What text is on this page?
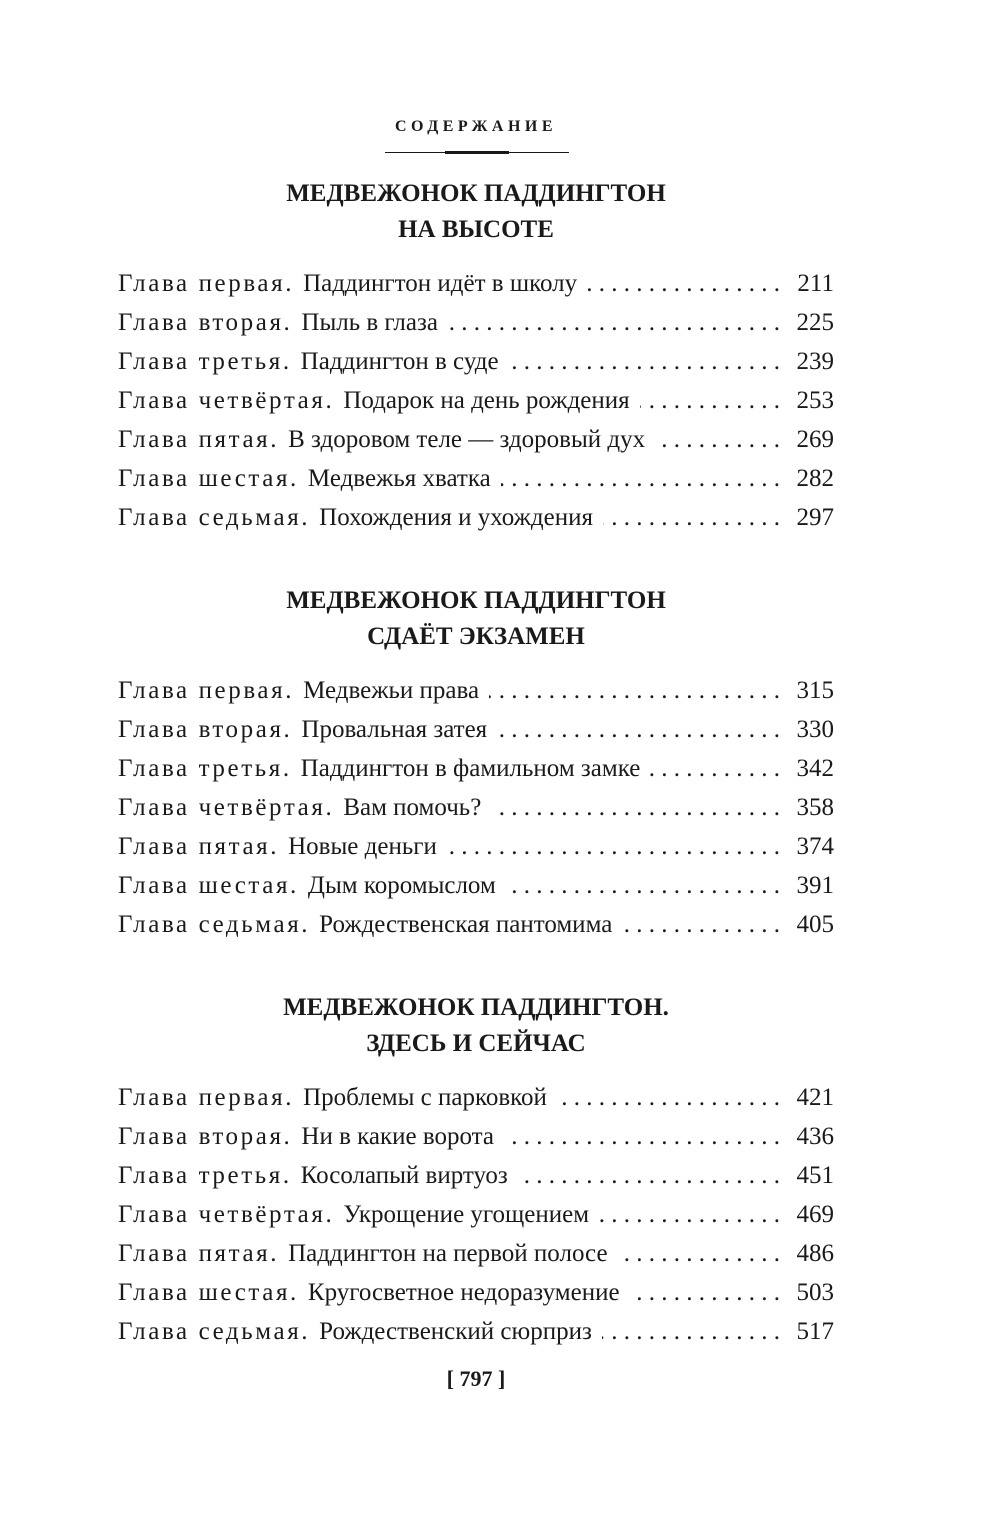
СОДЕРЖАНИЕ
МЕДВЕЖОНОК ПАДДИНГТОН
НА ВЫСОТЕ
Глава первая. Паддингтон идёт в школу . . .	211
Глава вторая. Пыль в глаза . . .	225
Глава третья. Паддингтон в суде . . .	239
Глава четвёртая. Подарок на день рождения . . .	253
Глава пятая. В здоровом теле — здоровый дух . . .	269
Глава шестая. Медвежья хватка . . .	282
Глава седьмая. Похождения и ухождения . . .	297
МЕДВЕЖОНОК ПАДДИНГТОН
СДАЁТ ЭКЗАМЕН
Глава первая. Медвежьи права . . .	315
Глава вторая. Провальная затея . . .	330
Глава третья. Паддингтон в фамильном замке . . .	342
Глава четвёртая. Вам помочь? . . .	358
Глава пятая. Новые деньги . . .	374
Глава шестая. Дым коромыслом . . .	391
Глава седьмая. Рождественская пантомима . . .	405
МЕДВЕЖОНОК ПАДДИНГТОН.
ЗДЕСЬ И СЕЙЧАС
Глава первая. Проблемы с парковкой . . .	421
Глава вторая. Ни в какие ворота . . .	436
Глава третья. Косолапый виртуоз . . .	451
Глава четвёртая. Укрощение угощением . . .	469
Глава пятая. Паддингтон на первой полосе . . .	486
Глава шестая. Кругосветное недоразумение . . .	503
Глава седьмая. Рождественский сюрприз . . .	517
[ 797 ]
